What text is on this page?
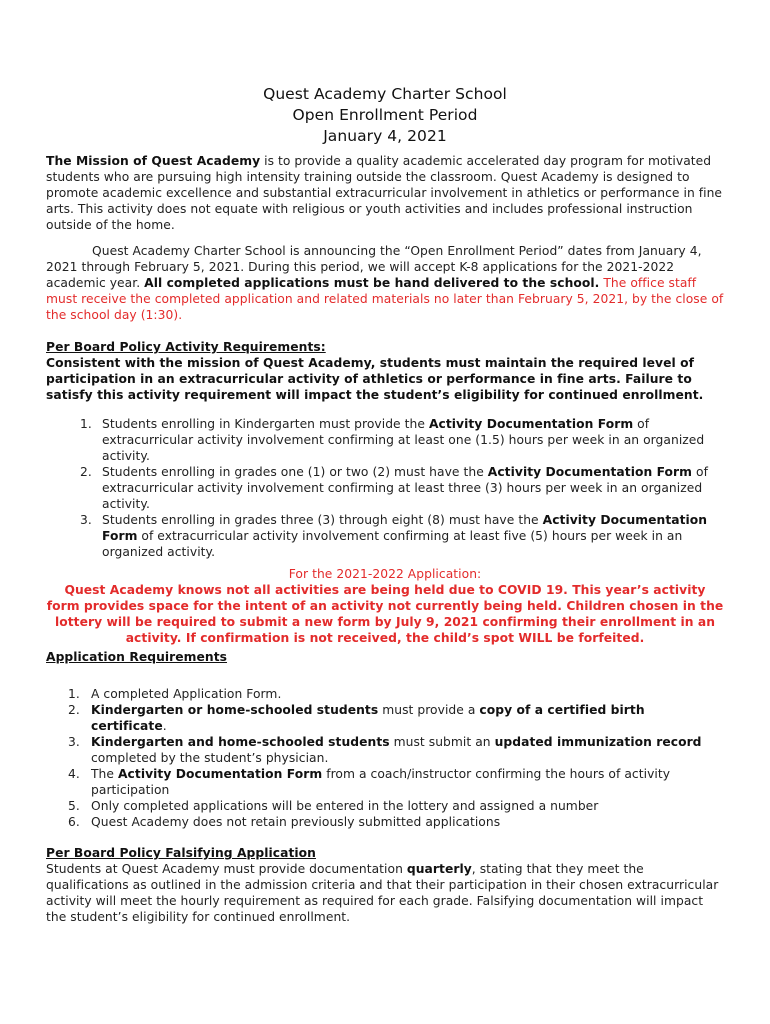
Quest Academy Charter School
Open Enrollment Period
January 4, 2021

The Mission of Quest Academy is to provide a quality academic accelerated day program for motivated students who are pursuing high intensity training outside the classroom. Quest Academy is designed to promote academic excellence and substantial extracurricular involvement in athletics or performance in fine arts. This activity does not equate with religious or youth activities and includes professional instruction outside of the home.

Quest Academy Charter School is announcing the “Open Enrollment Period” dates from January 4, 2021 through February 5, 2021. During this period, we will accept K-8 applications for the 2021-2022 academic year. All completed applications must be hand delivered to the school. The office staff must receive the completed application and related materials no later than February 5, 2021, by the close of the school day (1:30).

Per Board Policy Activity Requirements:

Consistent with the mission of Quest Academy, students must maintain the required level of participation in an extracurricular activity of athletics or performance in fine arts. Failure to satisfy this activity requirement will impact the student’s eligibility for continued enrollment.

1. Students enrolling in Kindergarten must provide the Activity Documentation Form of extracurricular activity involvement confirming at least one (1.5) hours per week in an organized activity.
2. Students enrolling in grades one (1) or two (2) must have the Activity Documentation Form of extracurricular activity involvement confirming at least three (3) hours per week in an organized activity.
3. Students enrolling in grades three (3) through eight (8) must have the Activity Documentation Form of extracurricular activity involvement confirming at least five (5) hours per week in an organized activity.

For the 2021-2022 Application:

Quest Academy knows not all activities are being held due to COVID 19. This year’s activity form provides space for the intent of an activity not currently being held. Children chosen in the lottery will be required to submit a new form by July 9, 2021 confirming their enrollment in an activity. If confirmation is not received, the child’s spot WILL be forfeited.

Application Requirements

1. A completed Application Form.
2. Kindergarten or home-schooled students must provide a copy of a certified birth certificate.
3. Kindergarten and home-schooled students must submit an updated immunization record completed by the student’s physician.
4. The Activity Documentation Form from a coach/instructor confirming the hours of activity participation
5. Only completed applications will be entered in the lottery and assigned a number
6. Quest Academy does not retain previously submitted applications

Per Board Policy Falsifying Application

Students at Quest Academy must provide documentation quarterly, stating that they meet the qualifications as outlined in the admission criteria and that their participation in their chosen extracurricular activity will meet the hourly requirement as required for each grade. Falsifying documentation will impact the student’s eligibility for continued enrollment.
